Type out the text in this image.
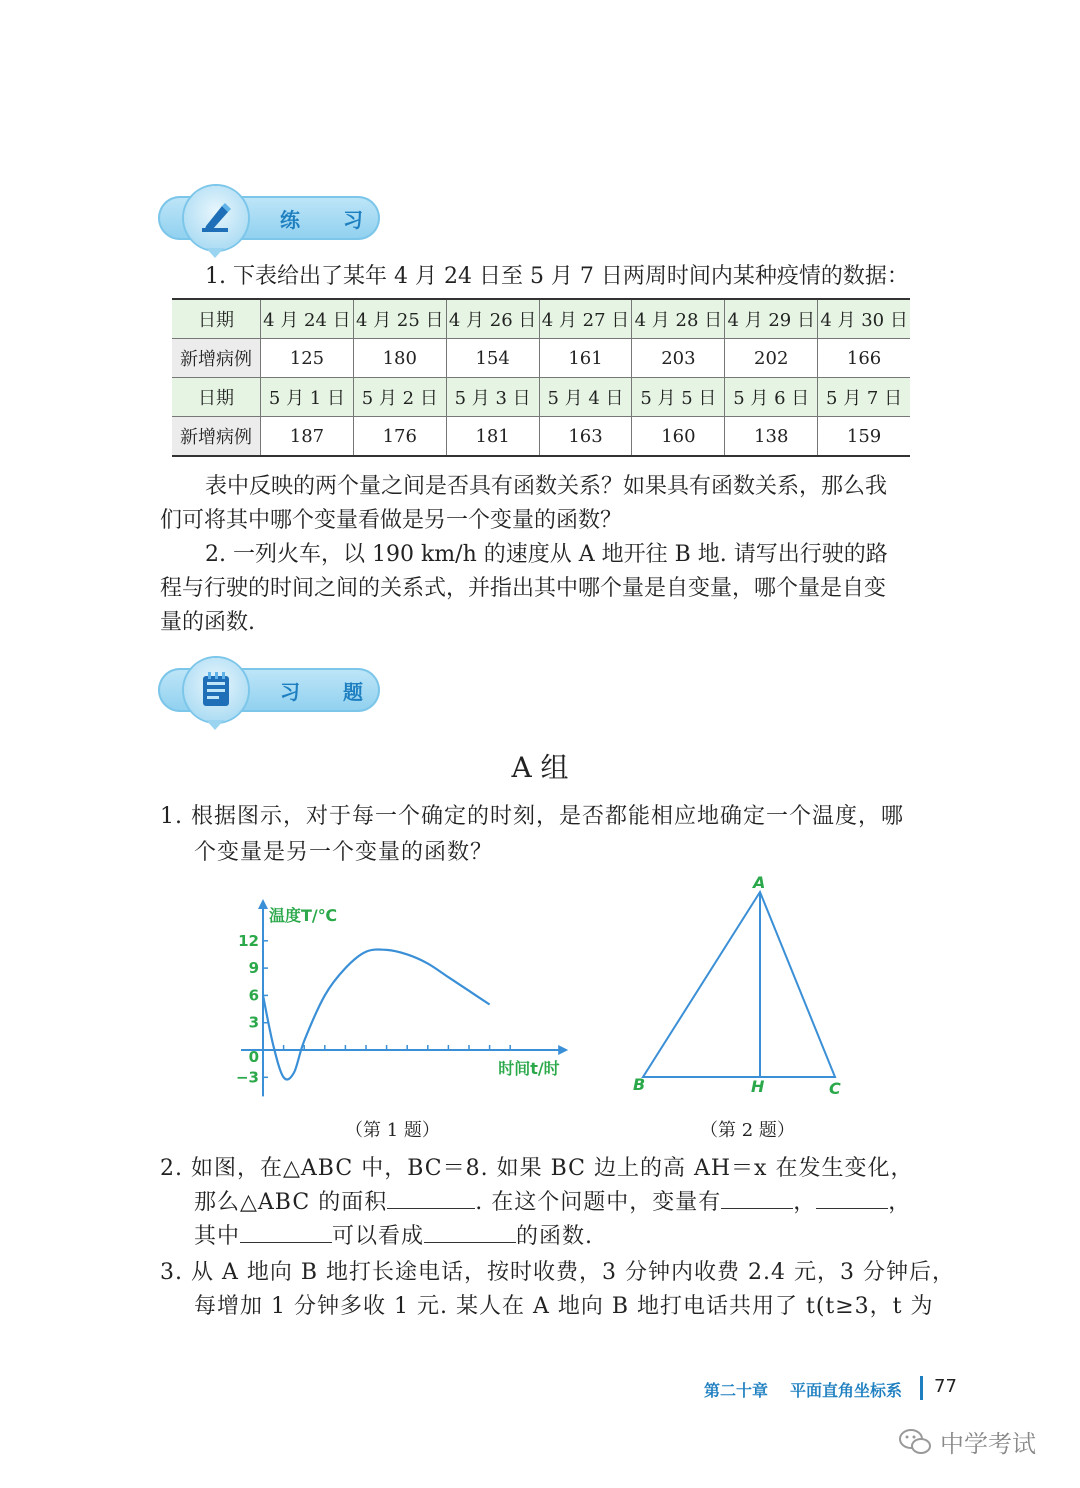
练 习
1. 下表给出了某年 4 月 24 日至 5 月 7 日两周时间内某种疫情的数据：
日期	4 月 24 日	4 月 25 日	4 月 26 日	4 月 27 日	4 月 28 日	4 月 29 日	4 月 30 日
新增病例	125	180	154	161	203	202	166
日期	5 月 1 日	5 月 2 日	5 月 3 日	5 月 4 日	5 月 5 日	5 月 6 日	5 月 7 日
新增病例	187	176	181	163	160	138	159
表中反映的两个量之间是否具有函数关系？如果具有函数关系，那么我
们可将其中哪个变量看做是另一个变量的函数？
2. 一列火车，以 190 km/h 的速度从 A 地开往 B 地. 请写出行驶的路
程与行驶的时间之间的关系式，并指出其中哪个量是自变量，哪个量是自变
量的函数.
习 题
A 组
1. 根据图示，对于每一个确定的时刻，是否都能相应地确定一个温度，哪
个变量是另一个变量的函数？
12
9
6
3
0
−3
温度T/℃
时间t/时
A
B	C
H
（第 1 题）	（第 2 题）
2. 如图，在△ABC 中，BC＝8. 如果 BC 边上的高 AH＝x 在发生变化，
那么△ABC 的面积	. 在这个问题中，变量有	，	，
其中	可以看成	的函数.
3. 从 A 地向 B 地打长途电话，按时收费，3 分钟内收费 2.4 元，3 分钟后，
每增加 1 分钟多收 1 元. 某人在 A 地向 B 地打电话共用了 t(t≥3，t 为
第二十章 平面直角坐标系 77
中学考试
